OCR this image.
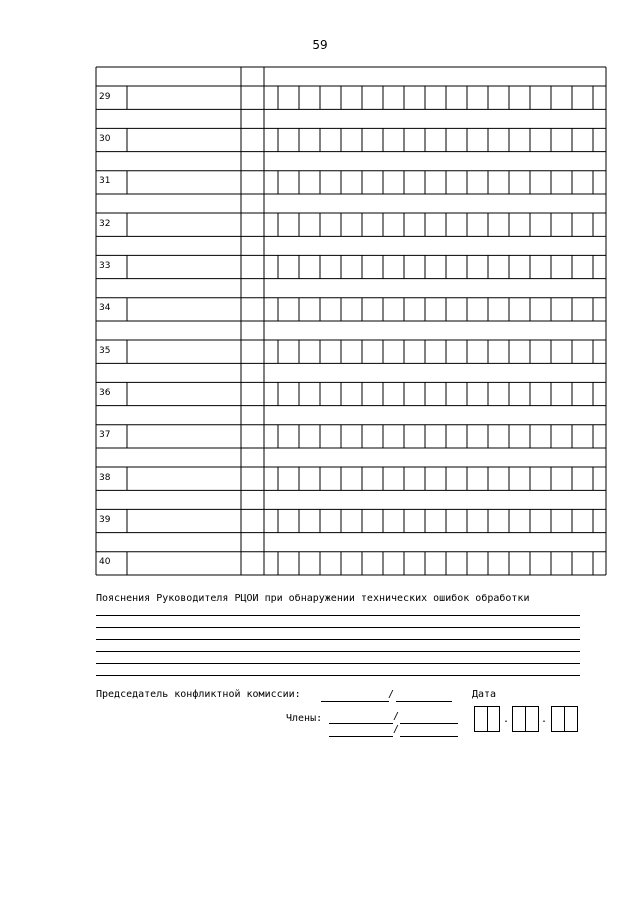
59
29
30
31
32
33
34
35
36
37
38
39
40
Пояснения Руководителя РЦОИ при обнаружении технических ошибок обработки
Председатель конфликтной комиссии:	/	Дата
Члены:	/
/
.	.
